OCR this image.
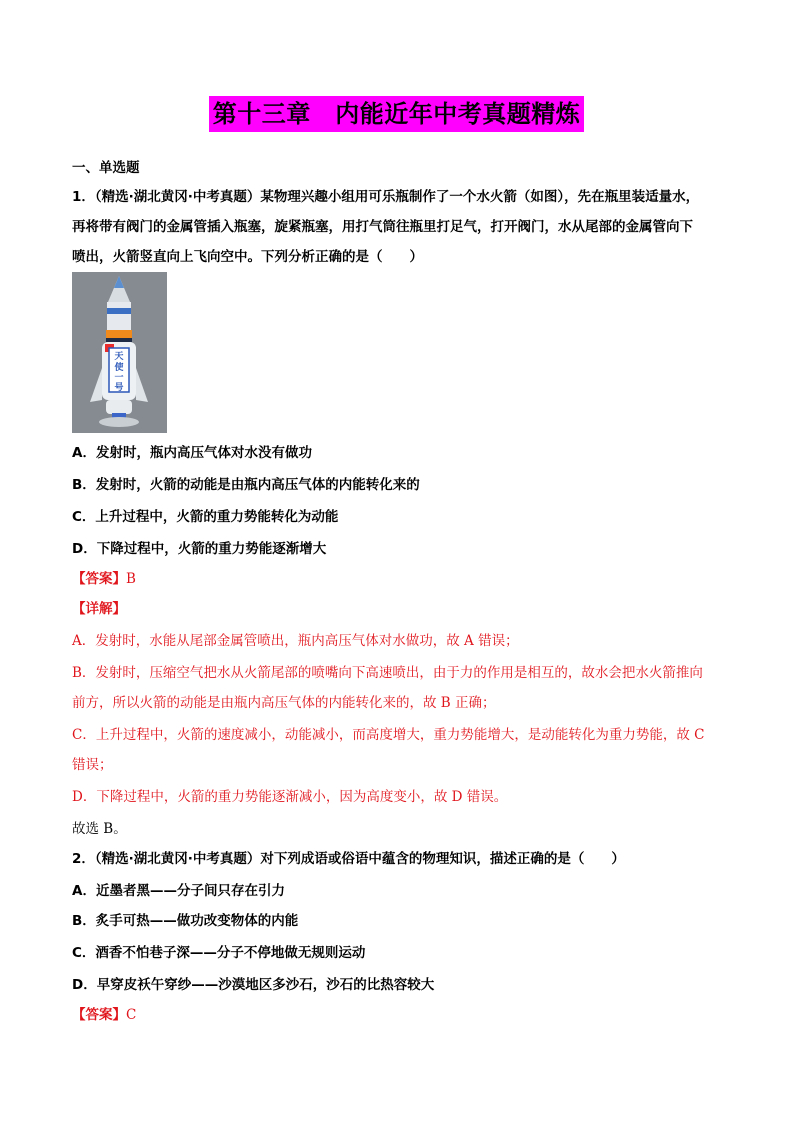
第十三章　内能近年中考真题精炼
一、单选题
1．（精选·湖北黄冈·中考真题）某物理兴趣小组用可乐瓶制作了一个水火箭（如图），先在瓶里装适量水，
再将带有阀门的金属管插入瓶塞，旋紧瓶塞，用打气筒往瓶里打足气，打开阀门，水从尾部的金属管向下
喷出，火箭竖直向上飞向空中。下列分析正确的是（　　）
天
使
一
号
A．发射时，瓶内高压气体对水没有做功
B．发射时，火箭的动能是由瓶内高压气体的内能转化来的
C．上升过程中，火箭的重力势能转化为动能
D．下降过程中，火箭的重力势能逐渐增大
【答案】B
【详解】
A．发射时，水能从尾部金属管喷出，瓶内高压气体对水做功，故 A 错误；
B．发射时，压缩空气把水从火箭尾部的喷嘴向下高速喷出，由于力的作用是相互的，故水会把水火箭推向
前方，所以火箭的动能是由瓶内高压气体的内能转化来的，故 B 正确；
C．上升过程中，火箭的速度减小，动能减小，而高度增大，重力势能增大，是动能转化为重力势能，故 C
错误；
D．下降过程中，火箭的重力势能逐渐减小，因为高度变小，故 D 错误。
故选 B。
2．（精选·湖北黄冈·中考真题）对下列成语或俗语中蕴含的物理知识，描述正确的是（　　）
A．近墨者黑——分子间只存在引力
B．炙手可热——做功改变物体的内能
C．酒香不怕巷子深——分子不停地做无规则运动
D．早穿皮袄午穿纱——沙漠地区多沙石，沙石的比热容较大
【答案】C
